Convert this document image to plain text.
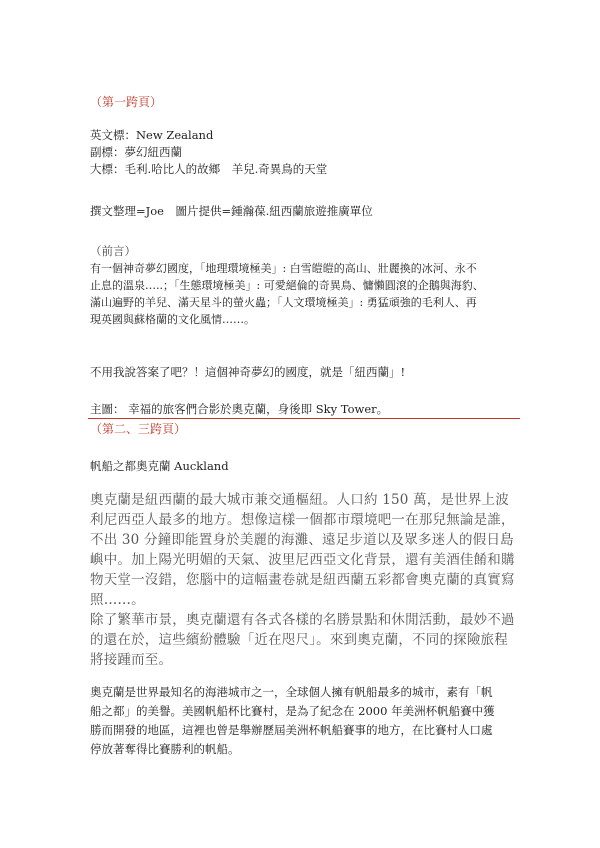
（第一跨頁）

英文標：New Zealand

副標：夢幻紐西蘭

大標：毛利.哈比人的故鄉　羊兒.奇異鳥的天堂

撰文整理=Joe　圖片提供=鍾瀚葆.紐西蘭旅遊推廣單位

（前言）

有一個神奇夢幻國度，「地理環境極美」: 白雪皚皚的高山、壯麗換的冰河、永不

止息的溫泉…..；「生態環境極美」: 可愛絕倫的奇異鳥、慵懶圓滾的企鵝與海豹、

滿山遍野的羊兒、滿天星斗的螢火蟲；「人文環境極美」: 勇猛頑強的毛利人、再

現英國與蘇格蘭的文化風情……。

不用我說答案了吧？！這個神奇夢幻的國度，就是「紐西蘭」!

主圖： 幸福的旅客們合影於奧克蘭，身後即 Sky Tower。

（第二、三跨頁）

帆船之都奧克蘭 Auckland

奧克蘭是紐西蘭的最大城市兼交通樞紐。人口約 150 萬，是世界上波

利尼西亞人最多的地方。想像這樣一個都市環境吧一在那兒無論是誰，

不出 30 分鐘即能置身於美麗的海灘、遠足步道以及眾多迷人的假日島

嶼中。加上陽光明媚的天氣、波里尼西亞文化背景，還有美酒佳餚和購

物天堂一沒錯，您腦中的這幅畫卷就是紐西蘭五彩都會奧克蘭的真實寫

照……。

除了繁華市景，奧克蘭還有各式各樣的名勝景點和休閒活動，最妙不過

的還在於，這些繽紛體驗「近在咫尺」。來到奧克蘭，不同的探險旅程

將接踵而至。

奧克蘭是世界最知名的海港城市之一，全球個人擁有帆船最多的城市，素有「帆

船之都」的美譽。美國帆船杯比賽村，是為了紀念在 2000 年美洲杯帆船賽中獲

勝而開發的地區，這裡也曾是舉辦歷屆美洲杯帆船賽事的地方，在比賽村人口處

停放著奪得比賽勝利的帆船。
